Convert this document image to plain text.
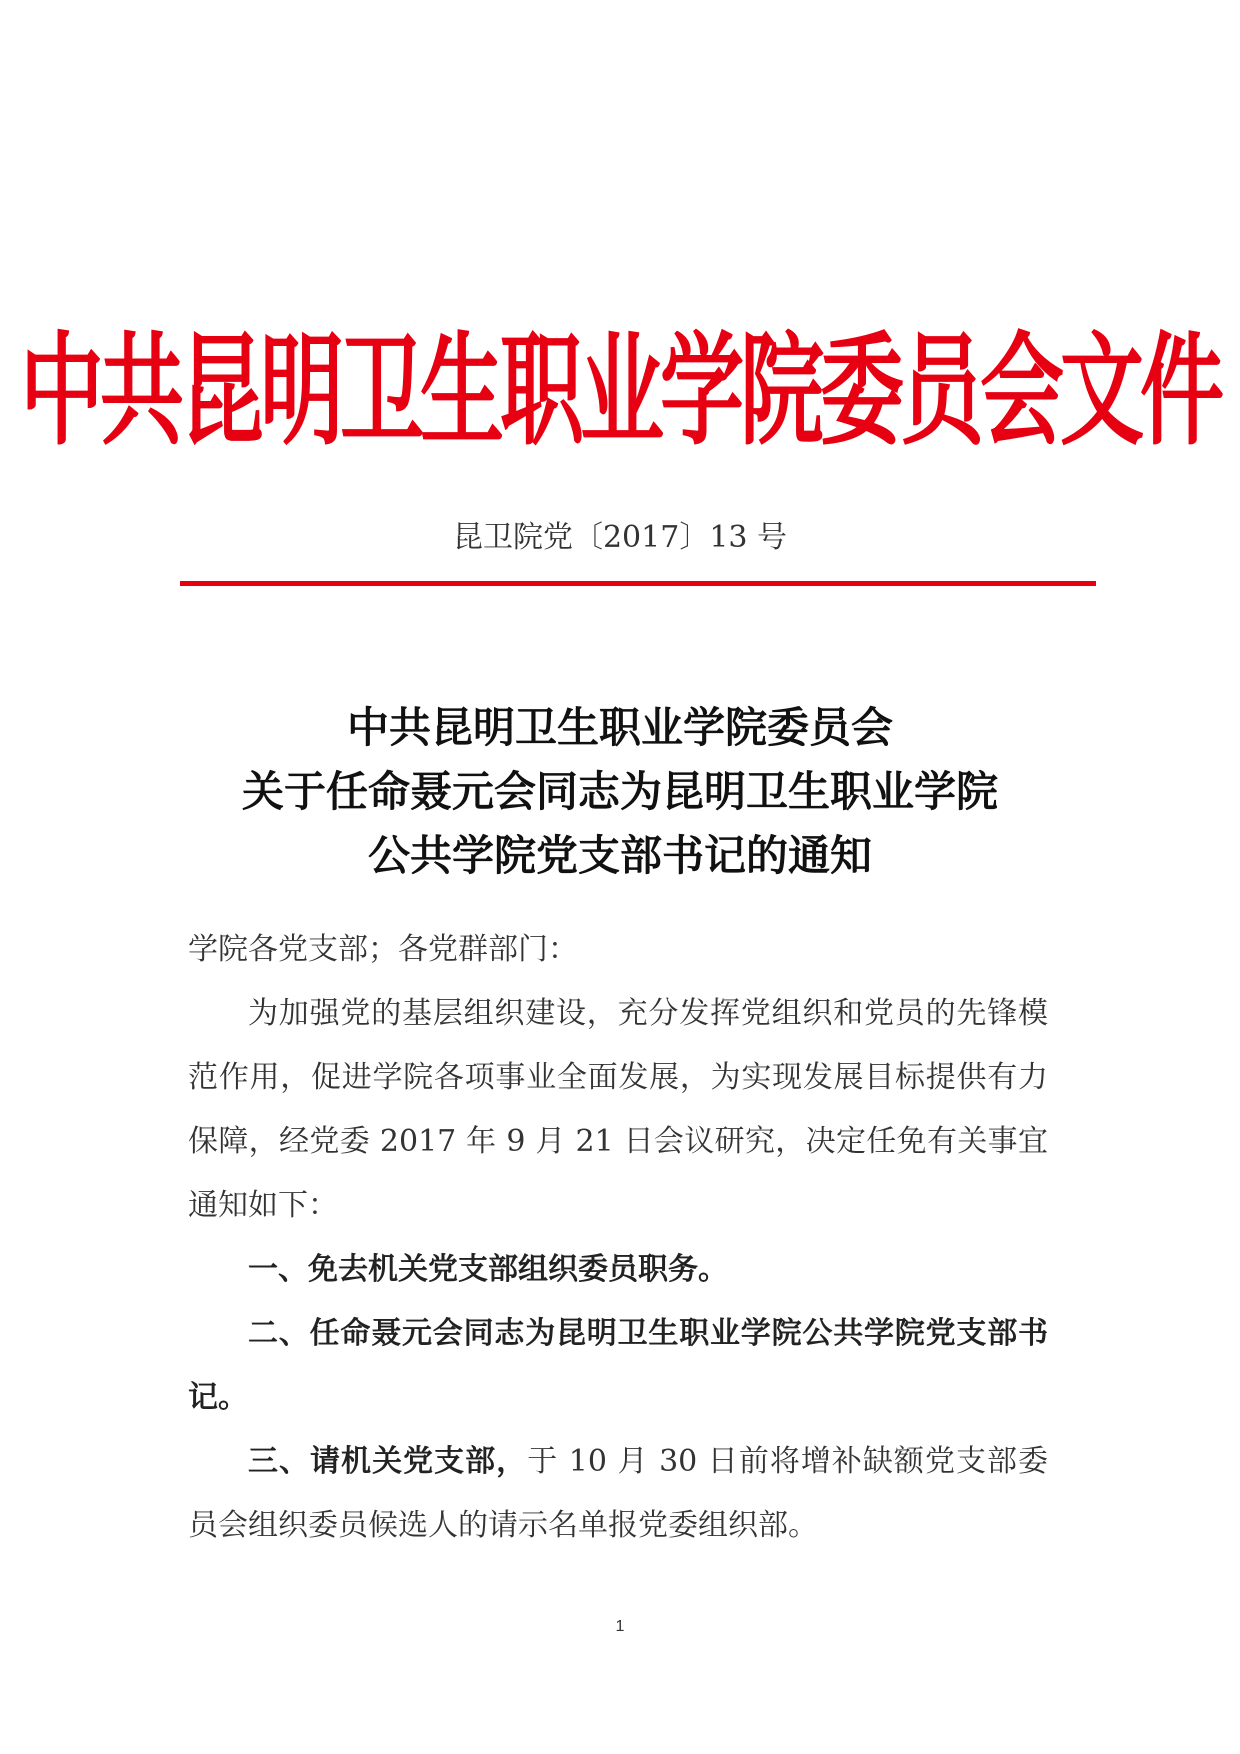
中共昆明卫生职业学院委员会文件
昆卫院党〔2017〕13 号
中共昆明卫生职业学院委员会
关于任命聂元会同志为昆明卫生职业学院
公共学院党支部书记的通知

学院各党支部；各党群部门：

为加强党的基层组织建设，充分发挥党组织和党员的先锋模范作用，促进学院各项事业全面发展，为实现发展目标提供有力保障，经党委 2017 年 9 月 21 日会议研究，决定任免有关事宜通知如下：

一、免去机关党支部组织委员职务。

二、任命聂元会同志为昆明卫生职业学院公共学院党支部书记。

三、请机关党支部，于 10 月 30 日前将增补缺额党支部委员会组织委员候选人的请示名单报党委组织部。

1
